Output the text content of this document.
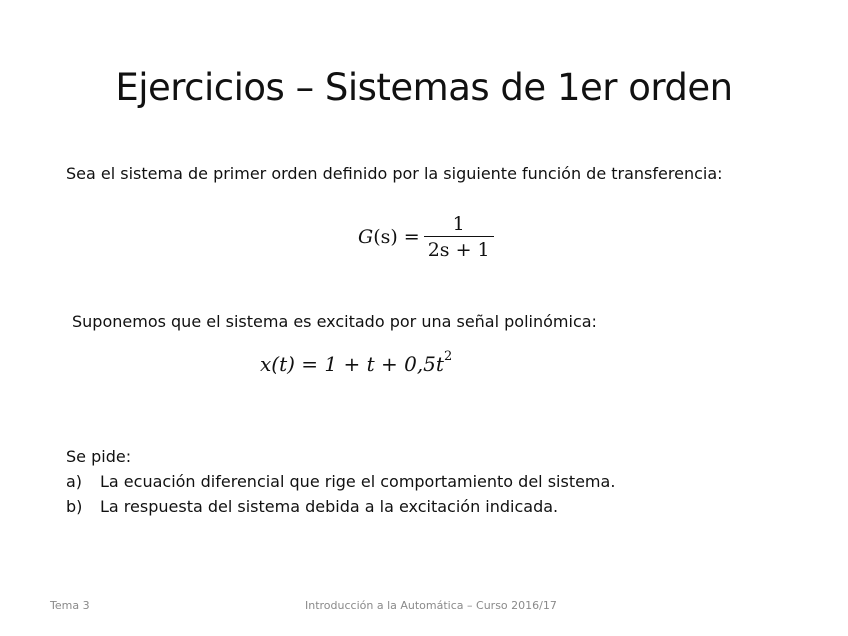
Ejercicios – Sistemas de 1er orden
Sea el sistema de primer orden definido por la siguiente función de transferencia:
$G(s) = \frac{1}{2s + 1}$
Suponemos que el sistema es excitado por una señal polinómica:
$x(t) = 1 + t + 0,5t^2$
Se pide:
a)	La ecuación diferencial que rige el comportamiento del sistema.
b)	La respuesta del sistema debida a la excitación indicada.
Tema 3	Introducción a la Automática – Curso 2016/17
